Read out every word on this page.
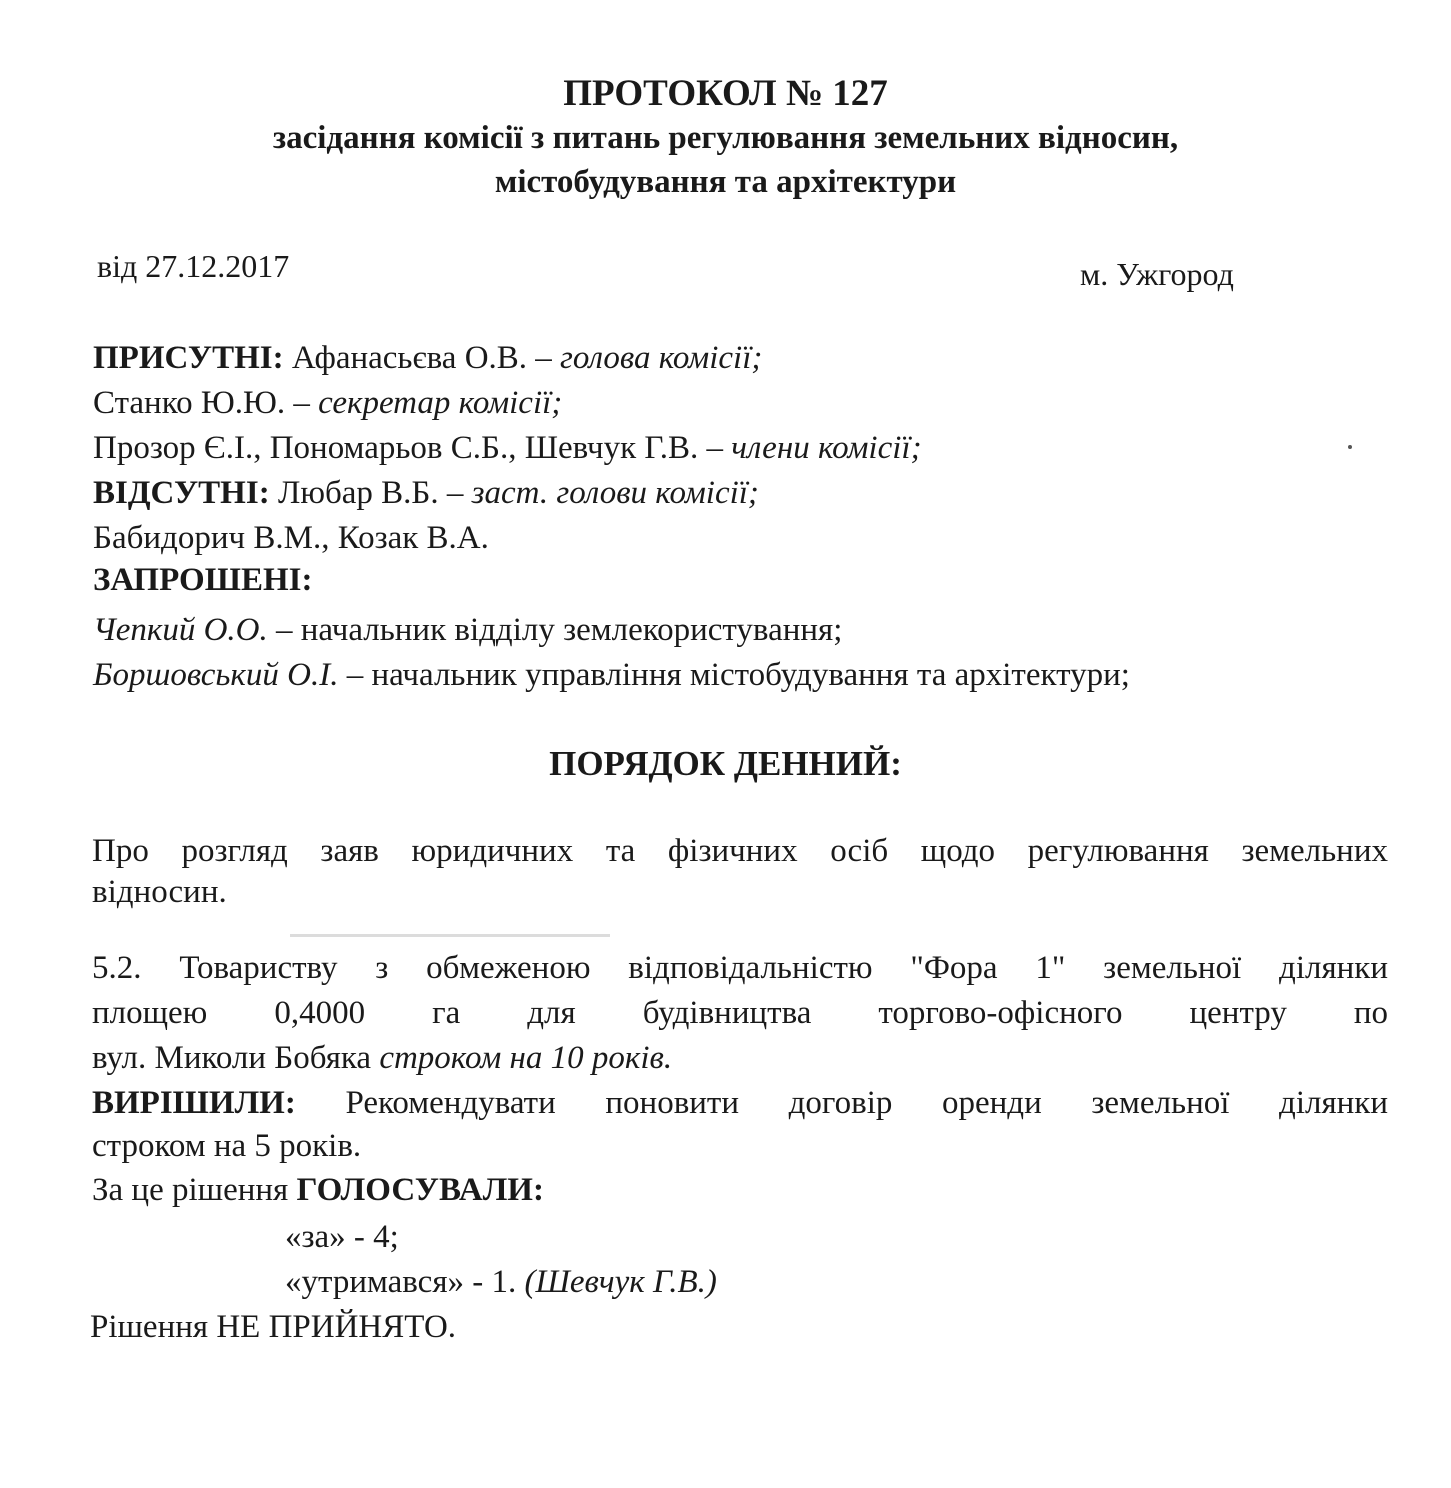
ПРОТОКОЛ № 127
засідання комісії з питань регулювання земельних відносин,
містобудування та архітектури
від 27.12.2017	м. Ужгород
ПРИСУТНІ: Афанасьєва О.В. – голова комісії;
Станко Ю.Ю. – секретар комісії;
Прозор Є.І., Пономарьов С.Б., Шевчук Г.В. – члени комісії;
ВІДСУТНІ: Любар В.Б. – заст. голови комісії;
Бабидорич В.М., Козак В.А.
ЗАПРОШЕНІ:
Чепкий О.О. – начальник відділу землекористування;
Боршовський О.І. – начальник управління містобудування та архітектури;
ПОРЯДОК ДЕННИЙ:
Про розгляд заяв юридичних та фізичних осіб щодо регулювання земельних
відносин.
5.2. Товариству з обмеженою відповідальністю "Фора 1" земельної ділянки
площею 0,4000 га для будівництва торгово-офісного центру по
вул. Миколи Бобяка строком на 10 років.
ВИРІШИЛИ: Рекомендувати поновити договір оренди земельної ділянки
строком на 5 років.
За це рішення ГОЛОСУВАЛИ:
«за» - 4;
«утримався» - 1. (Шевчук Г.В.)
Рішення НЕ ПРИЙНЯТО.
